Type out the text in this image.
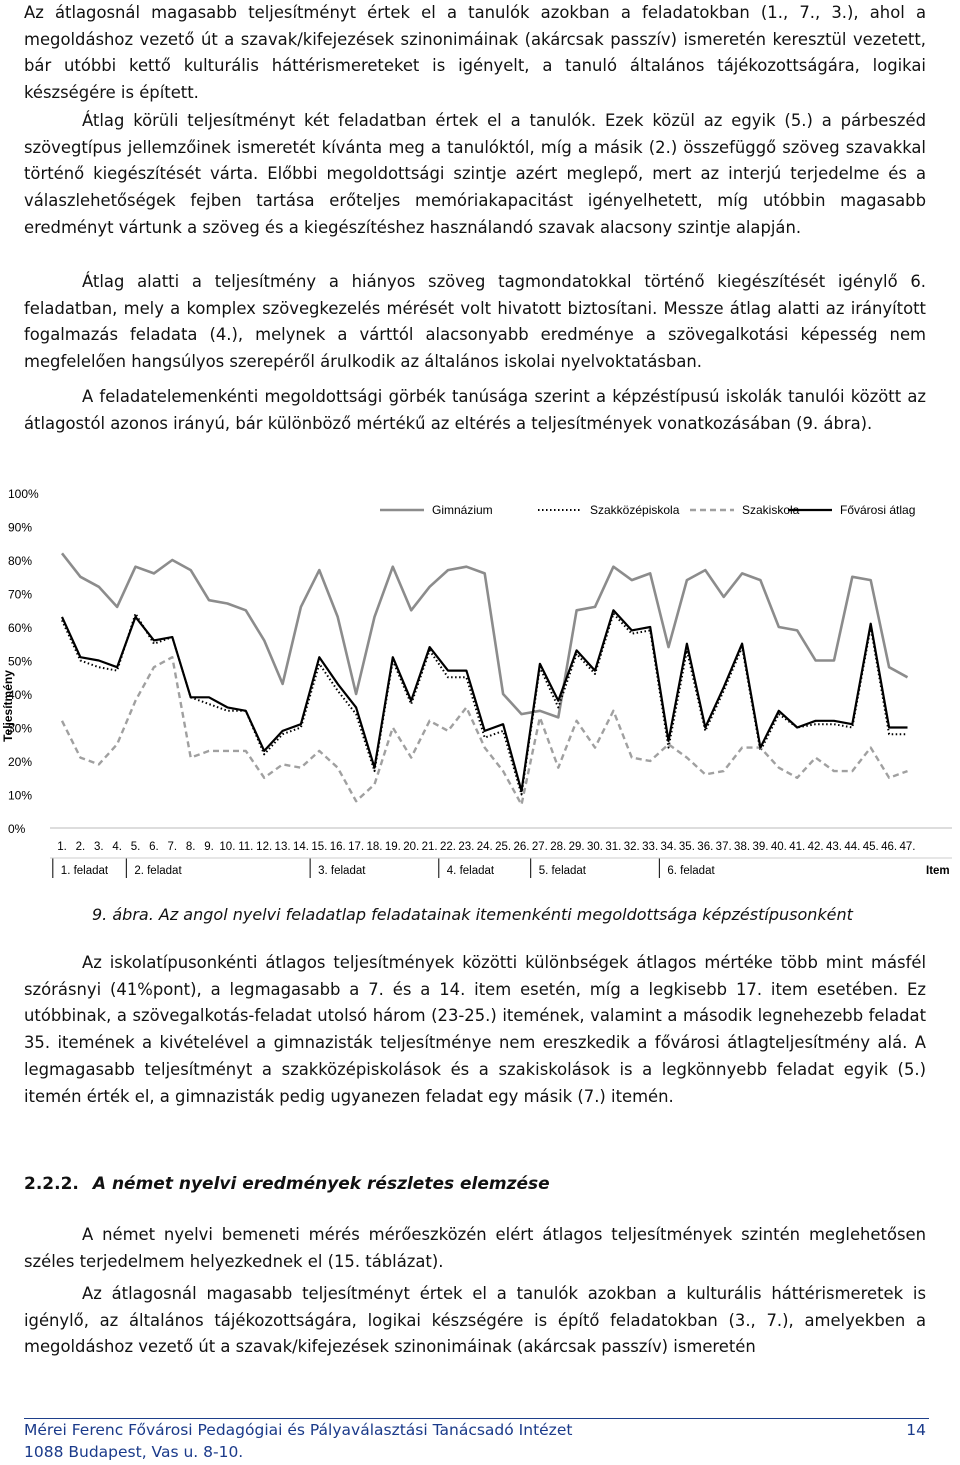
Az átlagosnál magasabb teljesítményt értek el a tanulók azokban a feladatokban (1., 7., 3.), ahol a megoldáshoz vezető út a szavak/kifejezések szinonimáinak (akárcsak passzív) ismeretén keresztül vezetett, bár utóbbi kettő kulturális háttérismereteket is igényelt, a tanuló általános tájékozottságára, logikai készségére is épített.

Átlag körüli teljesítményt két feladatban értek el a tanulók. Ezek közül az egyik (5.) a párbeszéd szövegtípus jellemzőinek ismeretét kívánta meg a tanulóktól, míg a másik (2.) összefüggő szöveg szavakkal történő kiegészítését várta. Előbbi megoldottsági szintje azért meglepő, mert az interjú terjedelme és a válaszlehetőségek fejben tartása erőteljes memóriakapacitást igényelhetett, míg utóbbin magasabb eredményt vártunk a szöveg és a kiegészítéshez használandó szavak alacsony szintje alapján.

Átlag alatti a teljesítmény a hiányos szöveg tagmondatokkal történő kiegészítését igénylő 6. feladatban, mely a komplex szövegkezelés mérését volt hivatott biztosítani. Messze átlag alatti az irányított fogalmazás feladata (4.), melynek a várttól alacsonyabb eredménye a szövegalkotási képesség nem megfelelően hangsúlyos szerepéről árulkodik az általános iskolai nyelvoktatásban.

A feladatelemenkénti megoldottsági görbék tanúsága szerint a képzéstípusú iskolák tanulói között az átlagostól azonos irányú, bár különböző mértékű az eltérés a teljesítmények vonatkozásában (9. ábra).

0%
10%
20%
30%
40%
50%
60%
70%
80%
90%
100%
Teljesítmény
1. 2. 3. 4. 5. 6. 7. 8. 9. 10. 11. 12. 13. 14. 15. 16. 17. 18. 19. 20. 21. 22. 23. 24. 25. 26. 27. 28. 29. 30. 31. 32. 33. 34. 35. 36. 37. 38. 39. 40. 41. 42. 43. 44. 45. 46. 47.
1. feladat 2. feladat	3. feladat	4. feladat	5. feladat	6. feladat	Item
Gimnázium	Szakközépiskola	Szakiskola	Fővárosi átlag
9. ábra. Az angol nyelvi feladatlap feladatainak itemenkénti megoldottsága képzéstípusonként

Az iskolatípusonkénti átlagos teljesítmények közötti különbségek átlagos mértéke több mint másfél szórásnyi (41%pont), a legmagasabb a 7. és a 14. item esetén, míg a legkisebb 17. item esetében. Ez utóbbinak, a szövegalkotás-feladat utolsó három (23-25.) itemének, valamint a második legnehezebb feladat 35. itemének a kivételével a gimnazisták teljesítménye nem ereszkedik a fővárosi átlagteljesítmény alá. A legmagasabb teljesítményt a szakközépiskolások és a szakiskolások is a legkönnyebb feladat egyik (5.) itemén érték el, a gimnazisták pedig ugyanezen feladat egy másik (7.) itemén.

2.2.2. A német nyelvi eredmények részletes elemzése

A német nyelvi bemeneti mérés mérőeszközén elért átlagos teljesítmények szintén meglehetősen széles terjedelmem helyezkednek el (15. táblázat).

Az átlagosnál magasabb teljesítményt értek el a tanulók azokban a kulturális háttérismeretek is igénylő, az általános tájékozottságára, logikai készségére is építő feladatokban (3., 7.), amelyekben a megoldáshoz vezető út a szavak/kifejezések szinonimáinak (akárcsak passzív) ismeretén

Mérei Ferenc Fővárosi Pedagógiai és Pályaválasztási Tanácsadó Intézet
1088 Budapest, Vas u. 8-10.
14
